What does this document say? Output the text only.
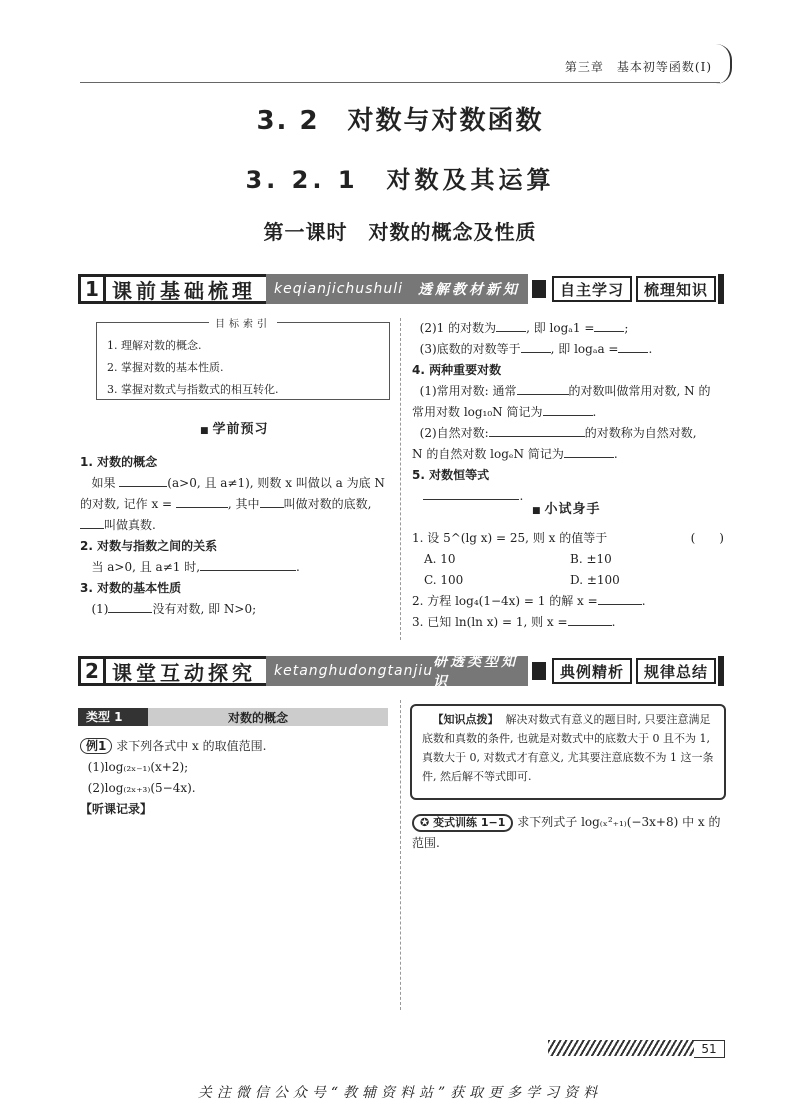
第三章　基本初等函数(Ⅰ)
3. 2　对数与对数函数
3. 2. 1　对数及其运算
第一课时　对数的概念及性质
1 课前基础梳理	keqianjichushuli 透解教材新知	自主学习	梳理知识
目标索引
1. 理解对数的概念.
2. 掌握对数的基本性质.
3. 掌握对数式与指数式的相互转化.
■ 学前预习
1. 对数的概念
如果	(a>0, 且 a≠1), 则数 x 叫做以 a 为底 N
的对数, 记作 x =	, 其中 叫做对数的底数,
叫做真数.
2. 对数与指数之间的关系
当 a>0, 且 a≠1 时,	.
3. 对数的基本性质
(1)	没有对数, 即 N>0;
(2)1 的对数为	, 即 logₐ1 =	;
(3)底数的对数等于	, 即 logₐa =	.
4. 两种重要对数
(1)常用对数: 通常	的对数叫做常用对数, N 的
常用对数 log₁₀N 简记为	.
(2)自然对数:	的对数称为自然对数,
N 的自然对数 logₑN 简记为	.
5. 对数恒等式
.
■ 小试身手
1. 设 5^(lg x) = 25, 则 x 的值等于	(　　)
A. 10	B. ±10
C. 100	D. ±100
2. 方程 log₄(1−4x) = 1 的解 x =	.
3. 已知 ln(ln x) = 1, 则 x =	.
2 课堂互动探究	ketanghudongtanjiu
研透类型知识
典例精析	规律总结
类型 1	对数的概念
例1 求下列各式中 x 的取值范围.
(1)log₍₂ₓ₋₁₎(x+2);
(2)log₍₂ₓ₊₃₎(5−4x).
【听课记录】
【知识点拨】 解决对数式有意义的题目时, 只要注意满足底数和真数的条件, 也就是对数式中的底数大于 0 且不为 1, 真数大于 0, 对数式才有意义, 尤其要注意底数不为 1 这一条件, 然后解不等式即可.
✪ 变式训练 1−1 求下列式子 log₍ₓ²₊₁₎(−3x+8) 中 x 的
范围.
51
关注微信公众号“教辅资料站”获取更多学习资料
